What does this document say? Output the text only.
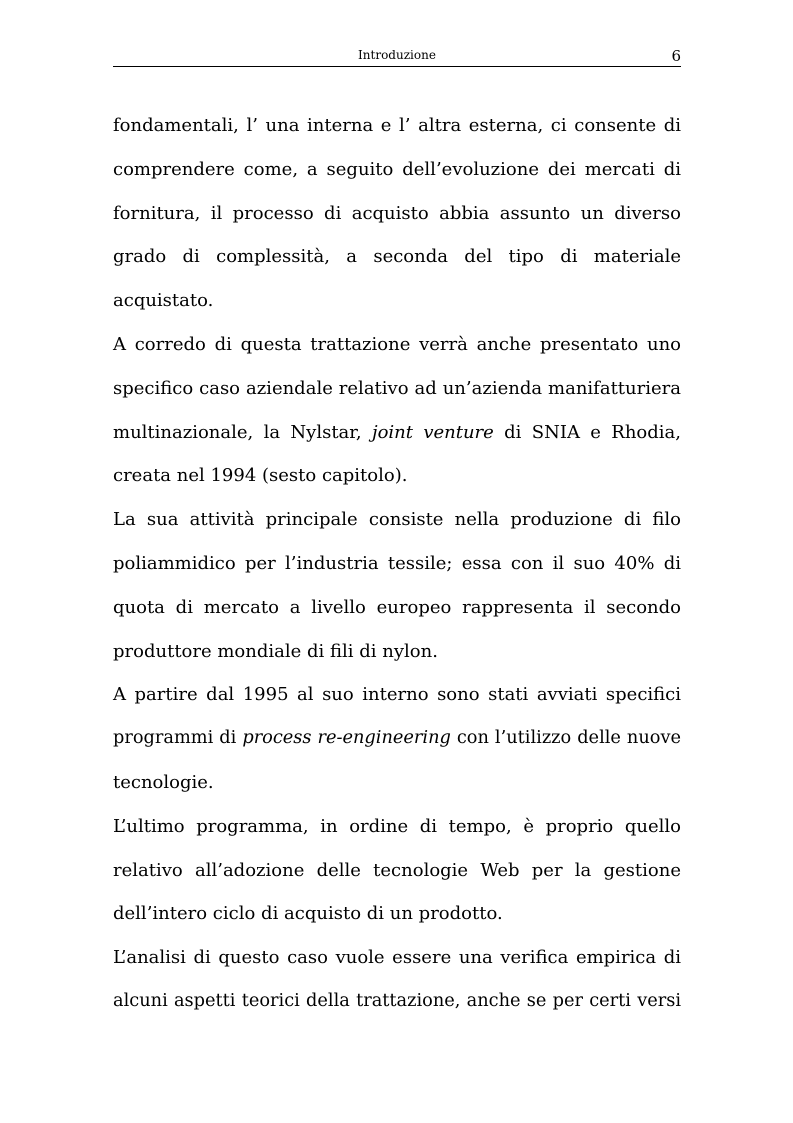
Introduzione	6
fondamentali, l’ una interna e l’ altra esterna, ci consente di
comprendere come, a seguito dell’evoluzione dei mercati di
fornitura, il processo di acquisto abbia assunto un diverso
grado di complessità, a seconda del tipo di materiale
acquistato.
A corredo di questa trattazione verrà anche presentato uno
specifico caso aziendale relativo ad un’azienda manifatturiera
multinazionale, la Nylstar, joint venture di SNIA e Rhodia,
creata nel 1994 (sesto capitolo).
La sua attività principale consiste nella produzione di filo
poliammidico per l’industria tessile; essa con il suo 40% di
quota di mercato a livello europeo rappresenta il secondo
produttore mondiale di fili di nylon.
A partire dal 1995 al suo interno sono stati avviati specifici
programmi di process re-engineering con l’utilizzo delle nuove
tecnologie.
L’ultimo programma, in ordine di tempo, è proprio quello
relativo all’adozione delle tecnologie Web per la gestione
dell’intero ciclo di acquisto di un prodotto.
L’analisi di questo caso vuole essere una verifica empirica di
alcuni aspetti teorici della trattazione, anche se per certi versi
